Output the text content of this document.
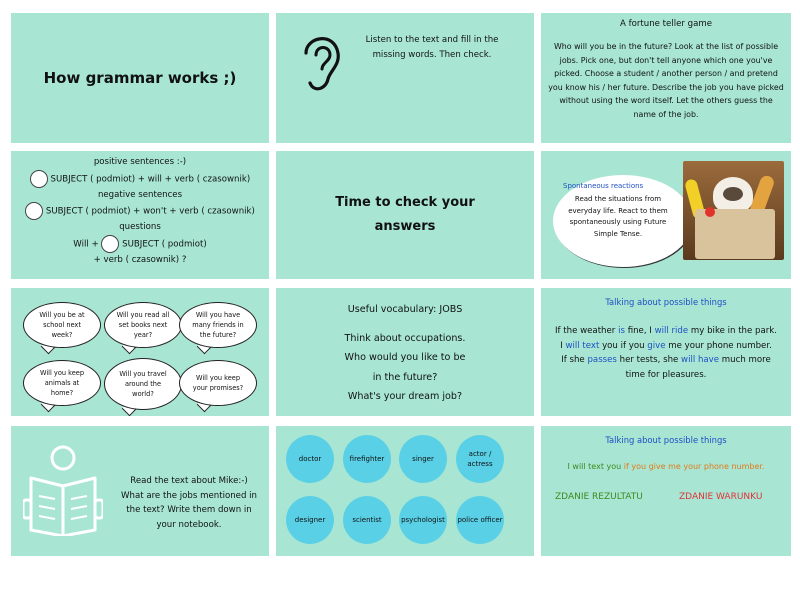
How grammar works ;)
Listen to the text and fill in the missing words. Then check.
A fortune teller game
Who will you be in the future? Look at the list of possible jobs. Pick one, but don't tell anyone which one you've picked. Choose a student / another person / and pretend you know his / her future. Describe the job you have picked without using the word itself. Let the others guess the name of the job.
positive sentences :-)
SUBJECT ( podmiot) + will + verb ( czasownik)
negative sentences
SUBJECT ( podmiot) + won't + verb ( czasownik)
questions
Will +	SUBJECT ( podmiot)
+ verb ( czasownik) ?
Time to check your answers
Spontaneous reactions
Read the situations from everyday life. React to them spontaneously using Future Simple Tense.
Will you be at school next week?
Will you read all set books next year?
Will you have many friends in the future?
Will you keep animals at home?
Will you travel around the world?
Will you keep your promises?
Useful vocabulary: JOBS
Think about occupations.
Who would you like to be
in the future?
What's your dream job?
Talking about possible things
If the weather is fine, I will ride my bike in the park.
I will text you if you give me your phone number.
If she passes her tests, she will have much more time for pleasures.
Read the text about Mike:-) What are the jobs mentioned in the text? Write them down in your notebook.
doctor	firefighter	singer
actor / actress
designer	scientist	psychologist police officer
Talking about possible things
I will text you if you give me your phone number.
ZDANIE REZULTATU	ZDANIE WARUNKU
